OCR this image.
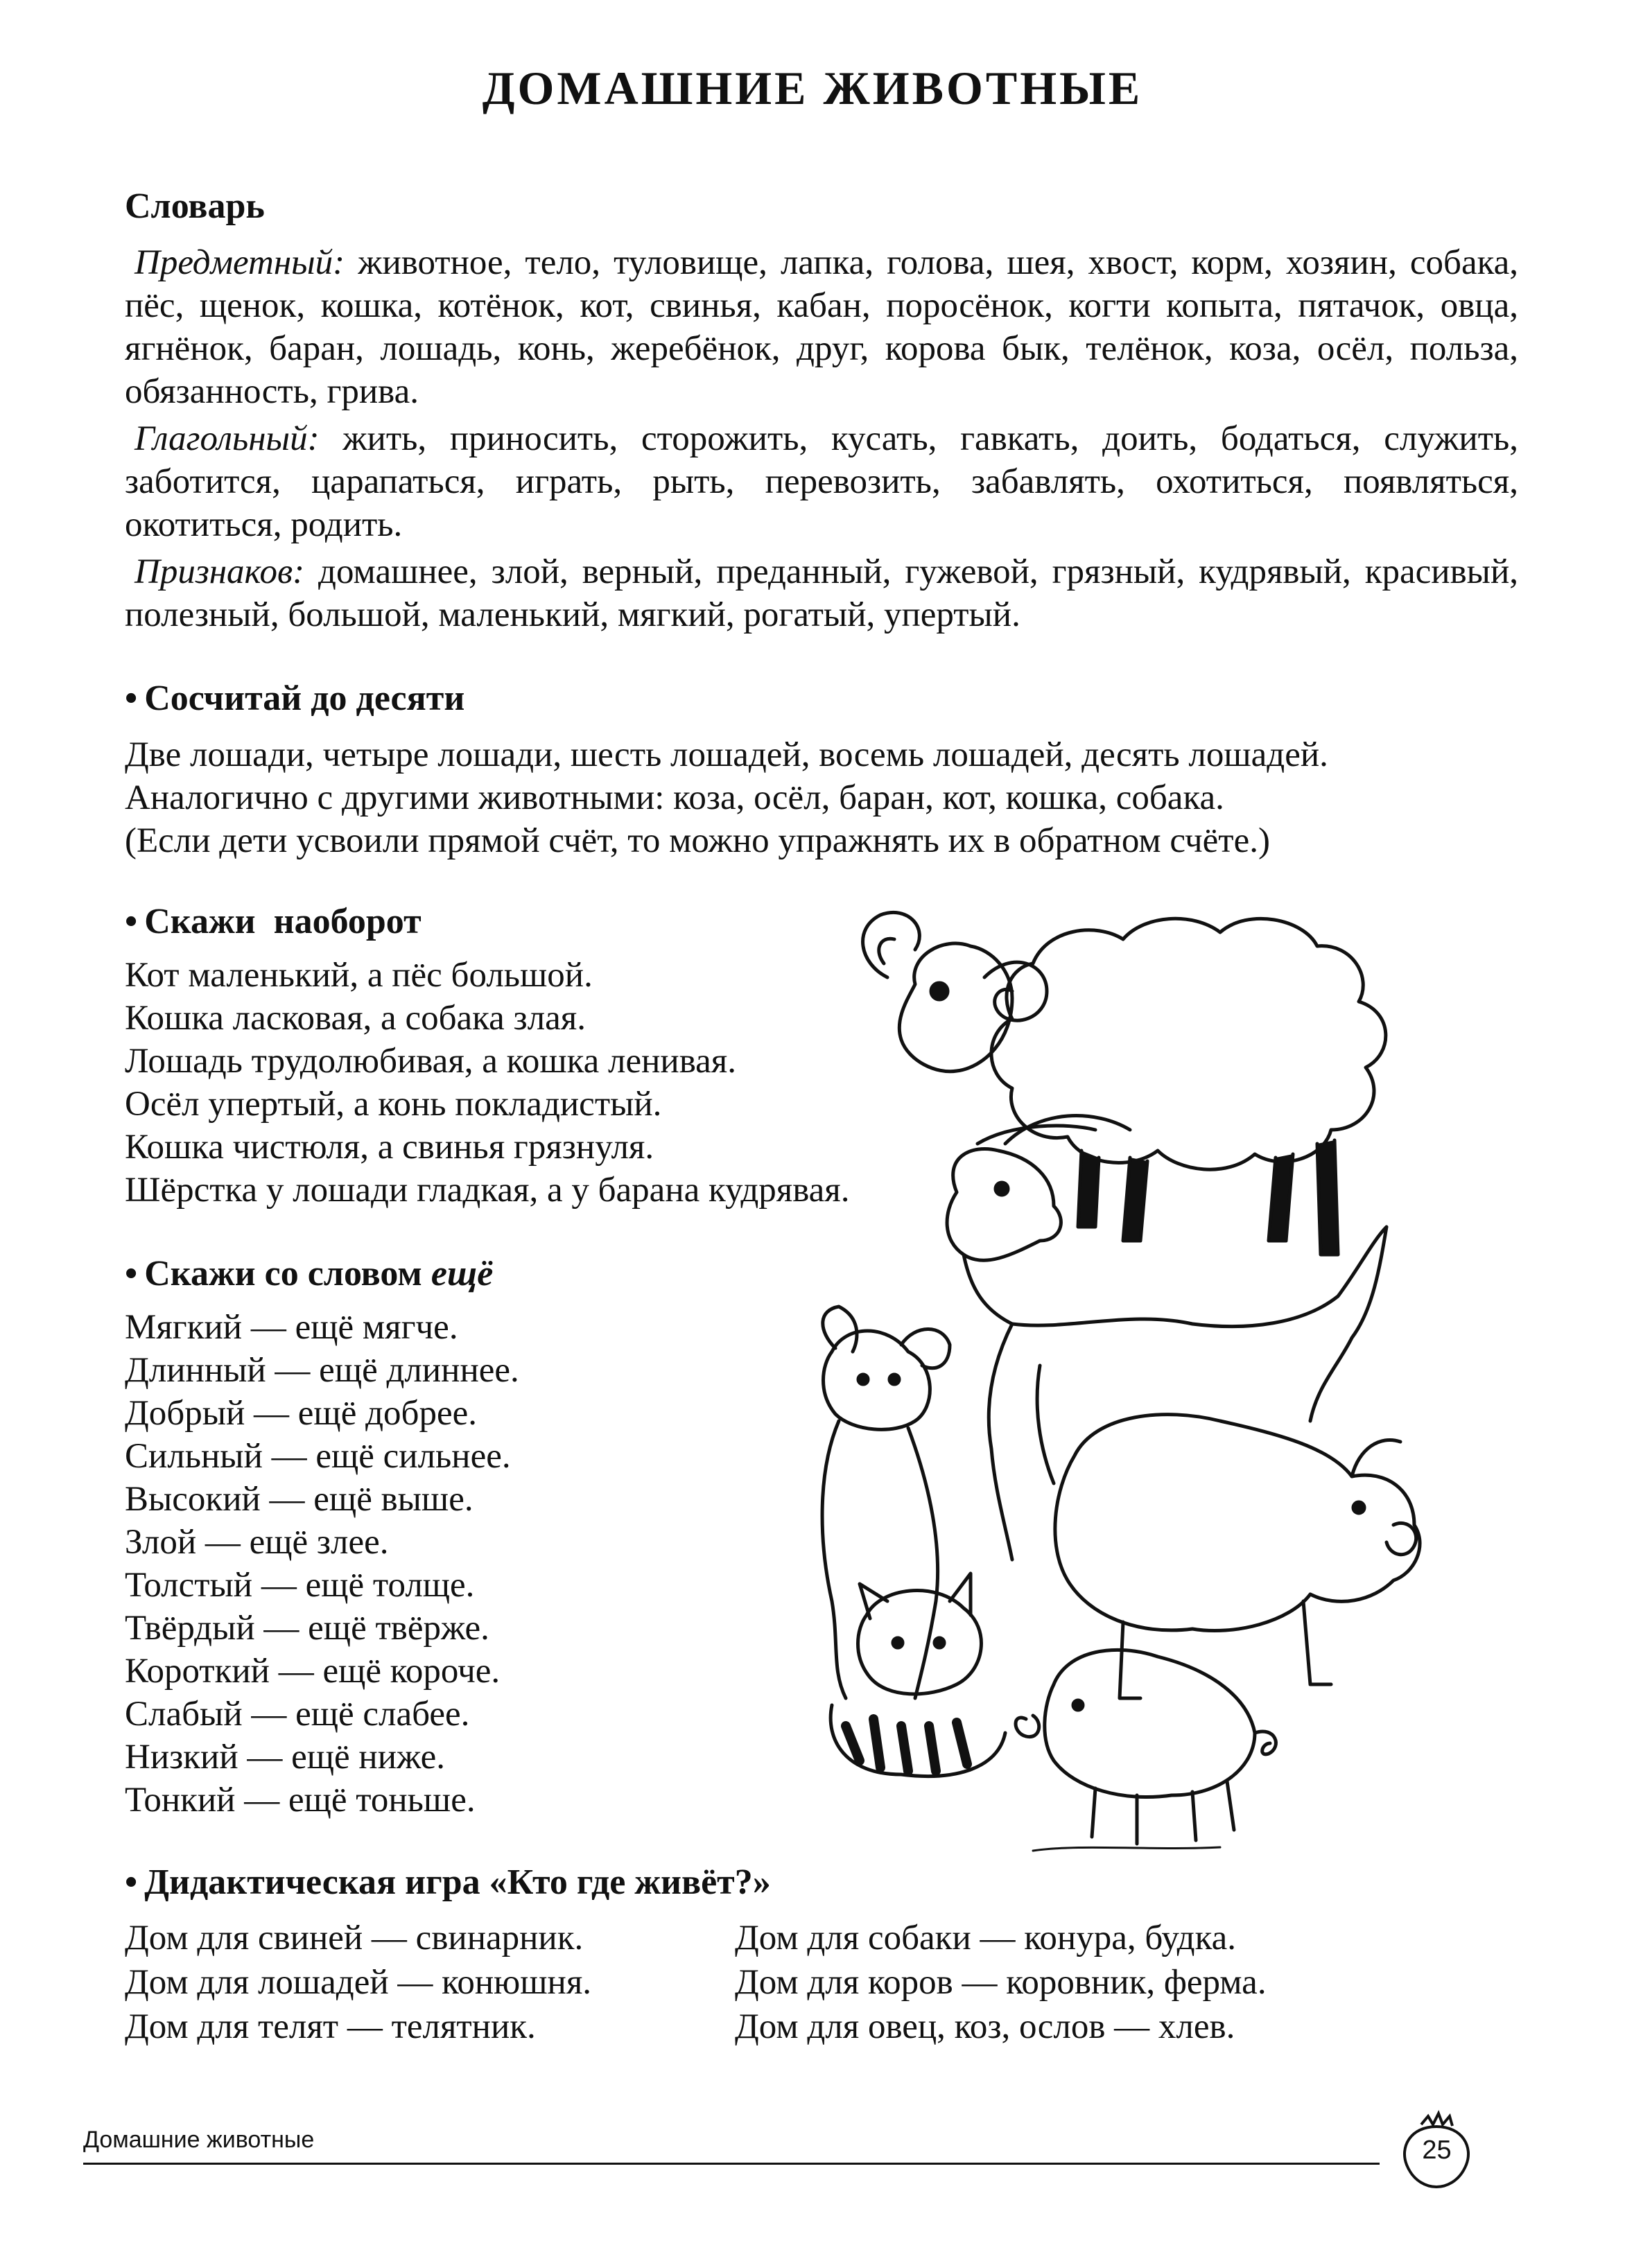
ДОМАШНИЕ ЖИВОТНЫЕ
Словарь

Предметный: животное, тело, туловище, лапка, голова, шея, хвост, корм, хозяин, собака, пёс, щенок, кошка, котёнок, кот, свинья, кабан, поросёнок, когти копыта, пятачок, овца, ягнёнок, баран, лошадь, конь, жеребёнок, друг, корова бык, телёнок, коза, осёл, польза, обязанность, грива.

Глагольный: жить, приносить, сторожить, кусать, гавкать, доить, бодаться, служить, заботится, царапаться, играть, рыть, перевозить, забавлять, охотиться, появляться, окотиться, родить.

Признаков: домашнее, злой, верный, преданный, гужевой, грязный, кудрявый, красивый, полезный, большой, маленький, мягкий, рогатый, упертый.

• Сосчитай до десяти
Две лошади, четыре лошади, шесть лошадей, восемь лошадей, десять лошадей.
Аналогично с другими животными: коза, осёл, баран, кот, кошка, собака.
(Если дети усвоили прямой счёт, то можно упражнять их в обратном счёте.)
• Скажи  наоборот
Кот маленький, а пёс большой.
Кошка ласковая, а собака злая.
Лошадь трудолюбивая, а кошка ленивая.
Осёл упертый, а конь покладистый.
Кошка чистюля, а свинья грязнуля.
Шёрстка у лошади гладкая, а у барана кудрявая.
• Скажи со словом ещё
Мягкий — ещё мягче.
Длинный — ещё длиннее.
Добрый — ещё добрее.
Сильный — ещё сильнее.
Высокий — ещё выше.
Злой — ещё злее.
Толстый — ещё толще.
Твёрдый — ещё твёрже.
Короткий — ещё короче.
Слабый — ещё слабее.
Низкий — ещё ниже.
Тонкий — ещё тоньше.
• Дидактическая игра «Кто где живёт?»
Дом для свиней — свинарник.
Дом для лошадей — конюшня.
Дом для телят — телятник.
Дом для собаки — конура, будка.
Дом для коров — коровник, ферма.
Дом для овец, коз, ослов — хлев.
Домашние животные	25
